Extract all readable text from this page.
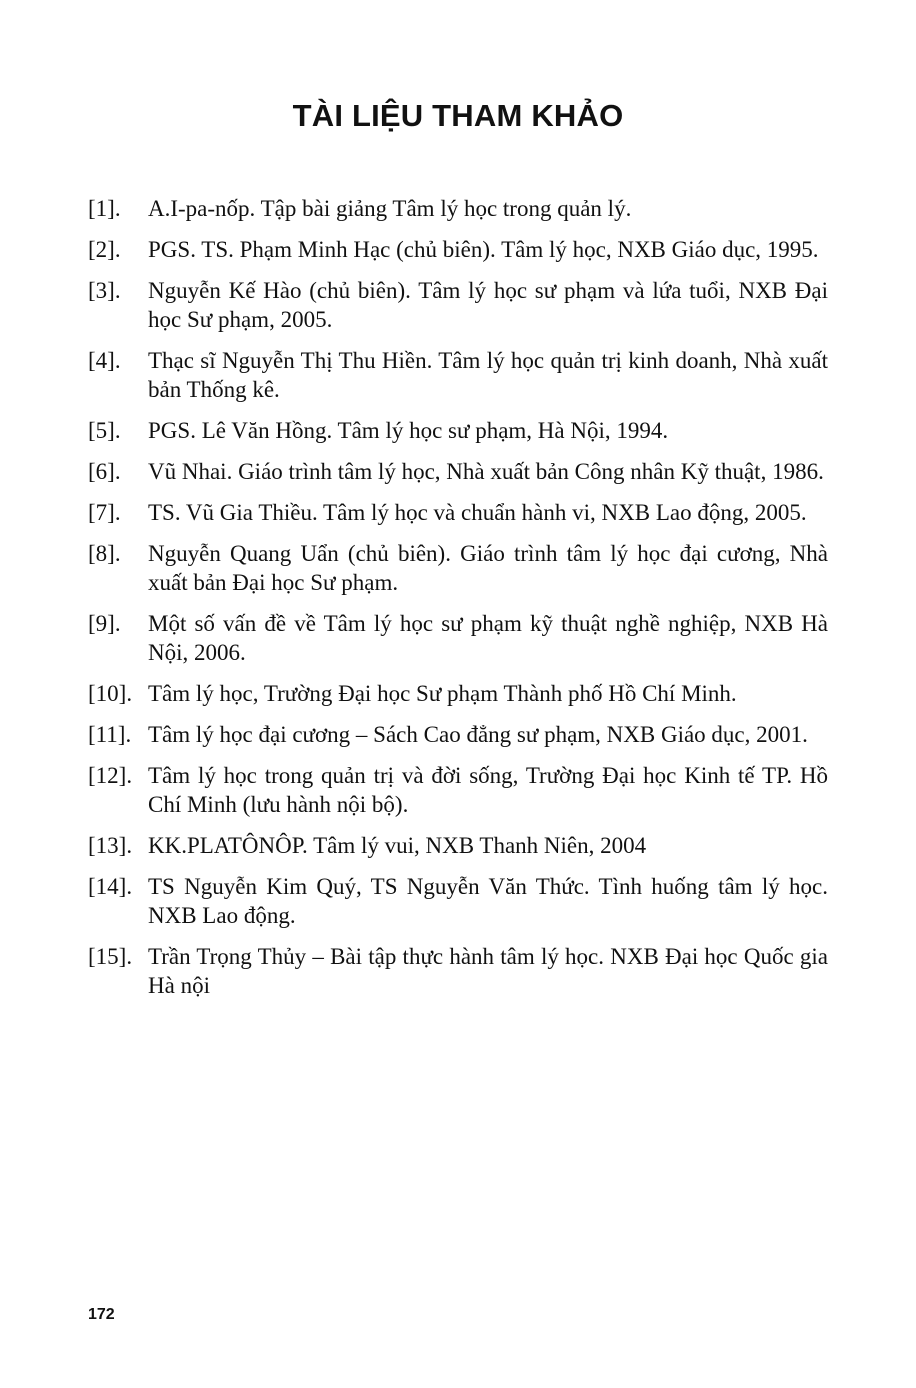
TÀI LIỆU THAM KHẢO
[1].	A.I-pa-nốp. Tập bài giảng Tâm lý học trong quản lý.
[2].	PGS. TS. Phạm Minh Hạc (chủ biên). Tâm lý học, NXB Giáo dục, 1995.
[3].	Nguyễn Kế Hào (chủ biên). Tâm lý học sư phạm và lứa tuổi, NXB Đại học Sư phạm, 2005.
[4].	Thạc sĩ Nguyễn Thị Thu Hiền. Tâm lý học quản trị kinh doanh, Nhà xuất bản Thống kê.
[5].	PGS. Lê Văn Hồng. Tâm lý học sư phạm, Hà Nội, 1994.
[6].	Vũ Nhai. Giáo trình tâm lý học, Nhà xuất bản Công nhân Kỹ thuật, 1986.
[7].	TS. Vũ Gia Thiều. Tâm lý học và chuẩn hành vi, NXB Lao động, 2005.
[8].	Nguyễn Quang Uẩn (chủ biên). Giáo trình tâm lý học đại cương, Nhà xuất bản Đại học Sư phạm.
[9].	Một số vấn đề về Tâm lý học sư phạm kỹ thuật nghề nghiệp, NXB Hà Nội, 2006.
[10]. Tâm lý học, Trường Đại học Sư phạm Thành phố Hồ Chí Minh.
[11]. Tâm lý học đại cương – Sách Cao đẳng sư phạm, NXB Giáo dục, 2001.
[12]. Tâm lý học trong quản trị và đời sống, Trường Đại học Kinh tế TP. Hồ Chí Minh (lưu hành nội bộ).
[13]. KK.PLATÔNÔP. Tâm lý vui, NXB Thanh Niên, 2004
[14]. TS Nguyễn Kim Quý, TS Nguyễn Văn Thức. Tình huống tâm lý học. NXB Lao động.
[15]. Trần Trọng Thủy – Bài tập thực hành tâm lý học. NXB Đại học Quốc gia Hà nội
172
